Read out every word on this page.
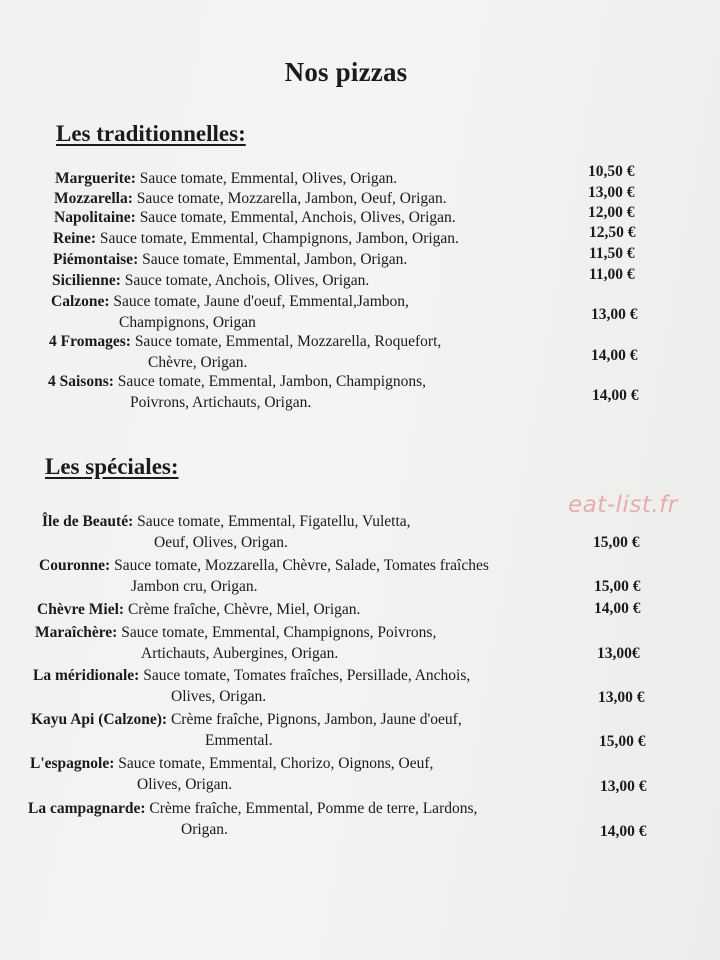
Nos pizzas
Les traditionnelles:
Marguerite: Sauce tomate, Emmental, Olives, Origan.	10,50 €
Mozzarella: Sauce tomate, Mozzarella, Jambon, Oeuf, Origan.	13,00 €
Napolitaine: Sauce tomate, Emmental, Anchois, Olives, Origan.	12,00 €
Reine: Sauce tomate, Emmental, Champignons, Jambon, Origan.	12,50 €
Piémontaise: Sauce tomate, Emmental, Jambon, Origan.	11,50 €
Sicilienne: Sauce tomate, Anchois, Olives, Origan.	11,00 €
Calzone: Sauce tomate, Jaune d'oeuf, Emmental,Jambon,
Champignons, Origan	13,00 €
4 Fromages: Sauce tomate, Emmental, Mozzarella, Roquefort,
Chèvre, Origan.	14,00 €
4 Saisons: Sauce tomate, Emmental, Jambon, Champignons,
Poivrons, Artichauts, Origan.	14,00 €
Les spéciales:
eat-list.fr
Île de Beauté: Sauce tomate, Emmental, Figatellu, Vuletta,
Oeuf, Olives, Origan.	15,00 €
Couronne: Sauce tomate, Mozzarella, Chèvre, Salade, Tomates fraîches
Jambon cru, Origan.	15,00 €
Chèvre Miel: Crème fraîche, Chèvre, Miel, Origan.	14,00 €
Maraîchère: Sauce tomate, Emmental, Champignons, Poivrons,
Artichauts, Aubergines, Origan.	13,00€
La méridionale: Sauce tomate, Tomates fraîches, Persillade, Anchois,
Olives, Origan.	13,00 €
Kayu Api (Calzone): Crème fraîche, Pignons, Jambon, Jaune d'oeuf,
Emmental.	15,00 €
L'espagnole: Sauce tomate, Emmental, Chorizo, Oignons, Oeuf,
Olives, Origan.	13,00 €
La campagnarde: Crème fraîche, Emmental, Pomme de terre, Lardons,
Origan.	14,00 €
